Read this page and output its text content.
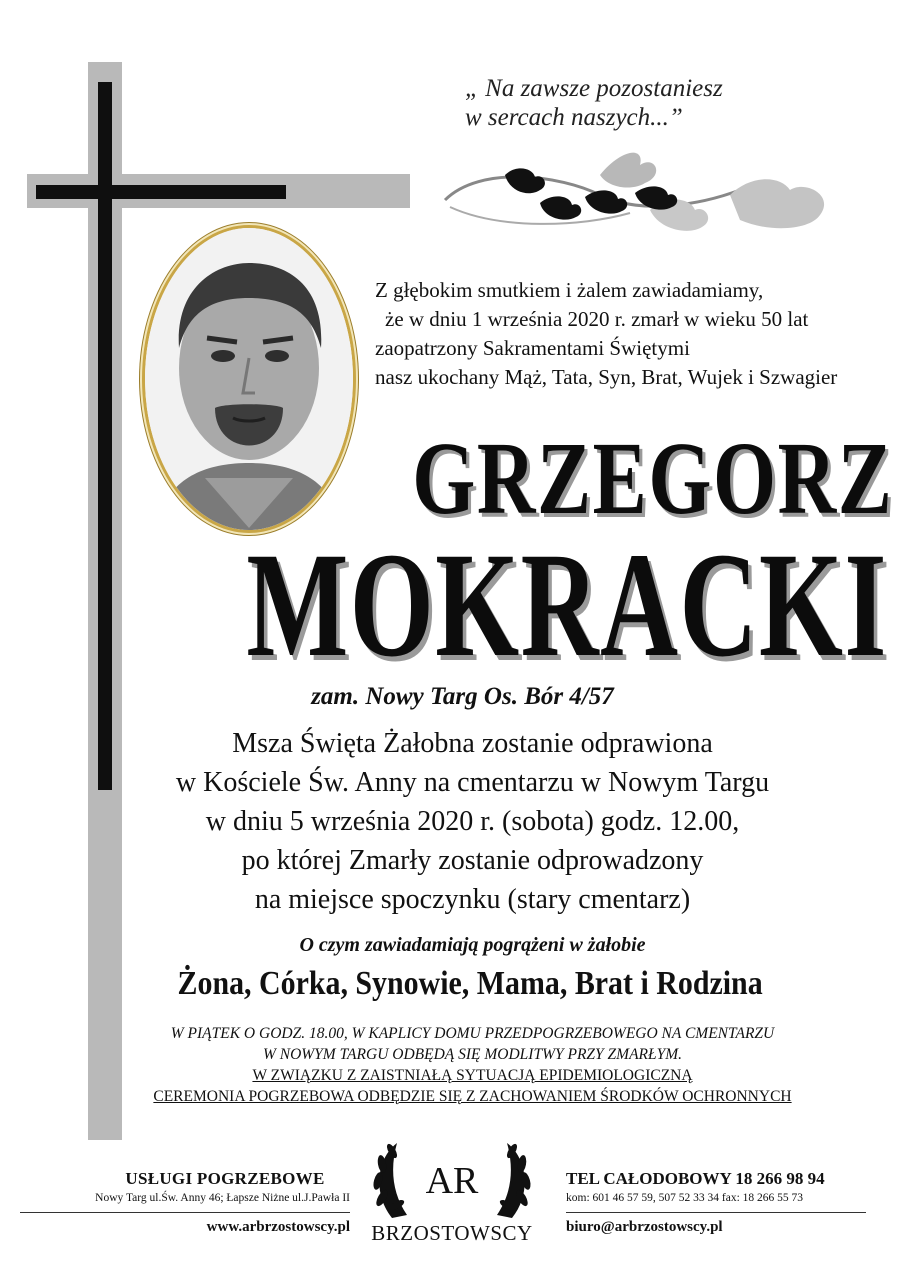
„ Na zawsze pozostaniesz
w sercach naszych...”
Z głębokim smutkiem i żalem zawiadamiamy,
że w dniu 1 września 2020 r. zmarł w wieku 50 lat
zaopatrzony Sakramentami Świętymi
nasz ukochany Mąż, Tata, Syn, Brat, Wujek i Szwagier
GRZEGORZ
MOKRACKI
zam. Nowy Targ Os. Bór 4/57
Msza Święta Żałobna zostanie odprawiona
w Kościele Św. Anny na cmentarzu w Nowym Targu
w dniu 5 września 2020 r. (sobota) godz. 12.00,
po której Zmarły zostanie odprowadzony
na miejsce spoczynku (stary cmentarz)
O czym zawiadamiają pogrążeni w żałobie
Żona, Córka, Synowie, Mama, Brat i Rodzina
W PIĄTEK O GODZ. 18.00, W KAPLICY DOMU PRZEDPOGRZEBOWEGO NA CMENTARZU
W NOWYM TARGU ODBĘDĄ SIĘ MODLITWY PRZY ZMARŁYM.
W ZWIĄZKU Z ZAISTNIAŁĄ SYTUACJĄ EPIDEMIOLOGICZNĄ
CEREMONIA POGRZEBOWA ODBĘDZIE SIĘ Z ZACHOWANIEM ŚRODKÓW OCHRONNYCH
USŁUGI POGRZEBOWE
Nowy Targ ul.Św. Anny 46; Łapsze Niżne ul.J.Pawła II
www.arbrzostowscy.pl
AR
BRZOSTOWSCY
TEL CAŁODOBOWY 18 266 98 94
kom: 601 46 57 59, 507 52 33 34 fax: 18 266 55 73
biuro@arbrzostowscy.pl
